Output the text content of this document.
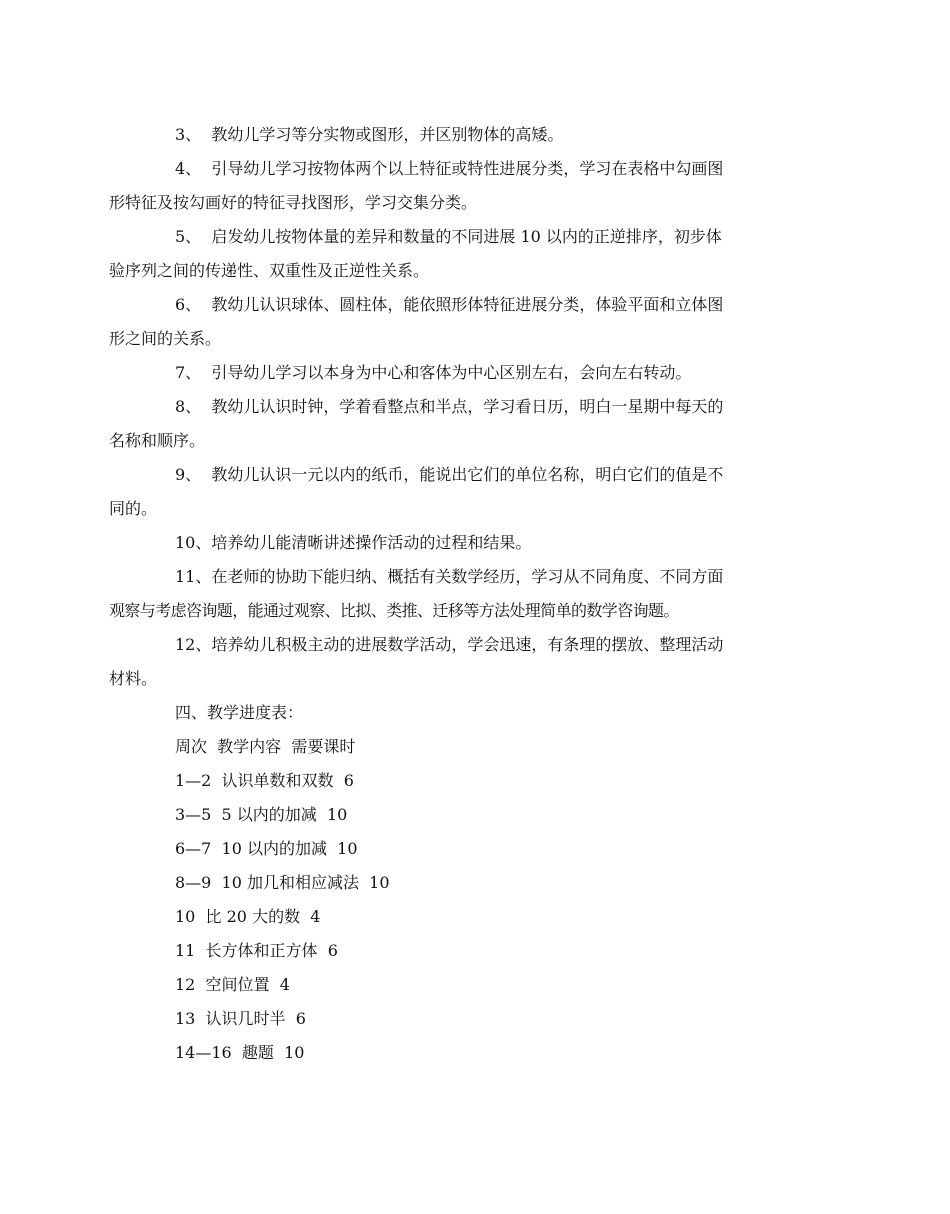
3、  教幼儿学习等分实物或图形，并区别物体的高矮。

4、  引导幼儿学习按物体两个以上特征或特性进展分类，学习在表格中勾画图
形特征及按勾画好的特征寻找图形，学习交集分类。

5、  启发幼儿按物体量的差异和数量的不同进展 10 以内的正逆排序，初步体
验序列之间的传递性、双重性及正逆性关系。

6、  教幼儿认识球体、圆柱体，能依照形体特征进展分类，体验平面和立体图
形之间的关系。

7、  引导幼儿学习以本身为中心和客体为中心区别左右，会向左右转动。

8、  教幼儿认识时钟，学着看整点和半点，学习看日历，明白一星期中每天的
名称和顺序。

9、  教幼儿认识一元以内的纸币，能说出它们的单位名称，明白它们的值是不
同的。

10、培养幼儿能清晰讲述操作活动的过程和结果。

11、在老师的协助下能归纳、概括有关数学经历，学习从不同角度、不同方面
观察与考虑咨询题，能通过观察、比拟、类推、迁移等方法处理简单的数学咨询题。

12、培养幼儿积极主动的进展数学活动，学会迅速，有条理的摆放、整理活动
材料。

四、教学进度表：

周次  教学内容  需要课时

1—2  认识单数和双数  6

3—5  5 以内的加减  10

6—7  10 以内的加减  10

8—9  10 加几和相应减法  10

10  比 20 大的数  4

11  长方体和正方体  6

12  空间位置  4

13  认识几时半  6

14—16  趣题  10
